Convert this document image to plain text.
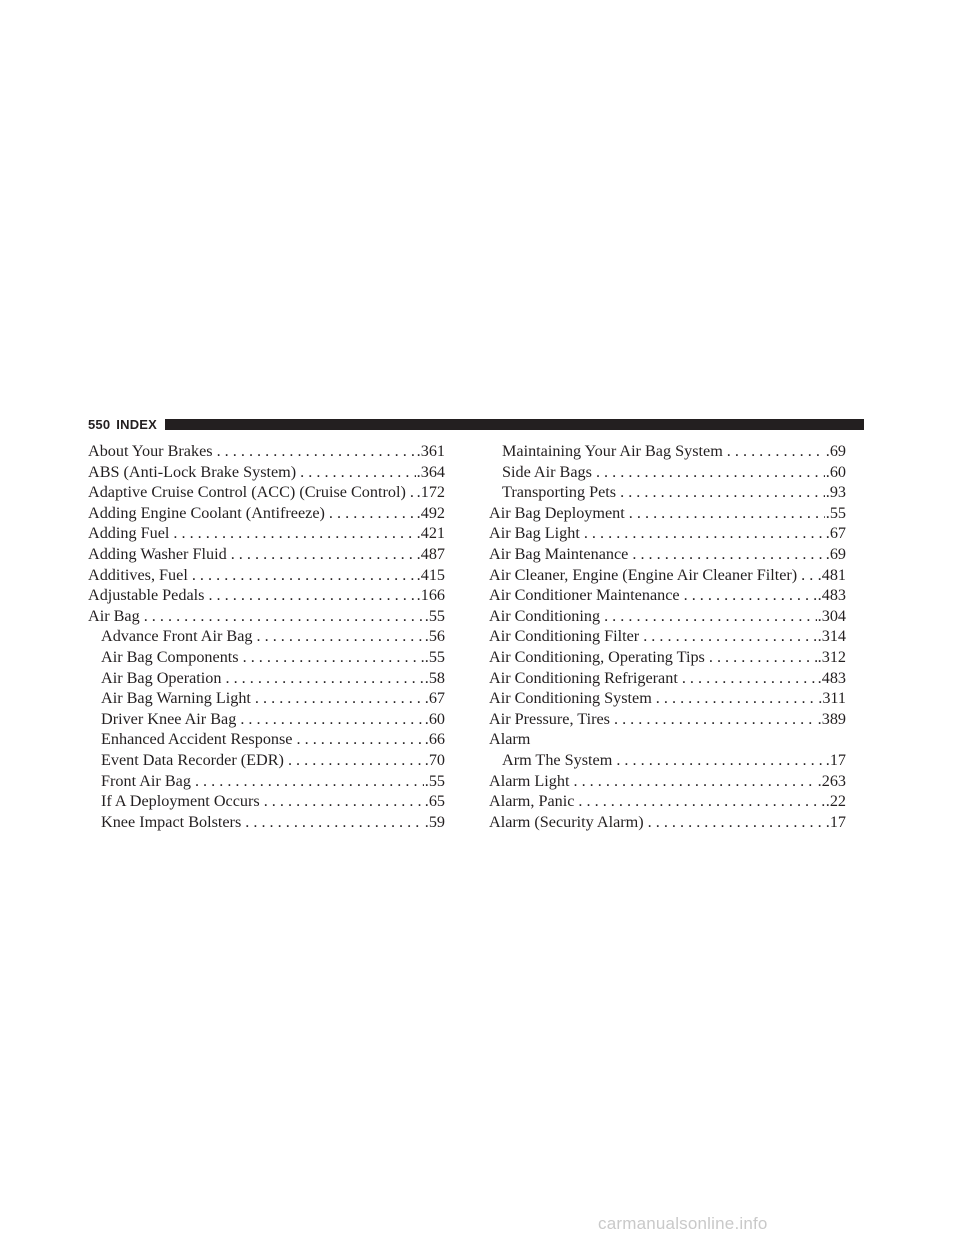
550 INDEX
About Your Brakes . . .	.361
ABS (Anti-Lock Brake System) . . .	.364
Adaptive Cruise Control (ACC) (Cruise Control) . . . .172
Adding Engine Coolant (Antifreeze) . . .	.492
Adding Fuel . . .	.421
Adding Washer Fluid . . .	.487
Additives, Fuel . . .	.415
Adjustable Pedals . . .	.166
Air Bag . . .	.55
Advance Front Air Bag . . .	.56
Air Bag Components . . .	.55
Air Bag Operation . . .	.58
Air Bag Warning Light . . .	.67
Driver Knee Air Bag . . .	.60
Enhanced Accident Response . . .	.66
Event Data Recorder (EDR) . . .	.70
Front Air Bag . . .	.55
If A Deployment Occurs . . .	.65
Knee Impact Bolsters . . .	.59
Maintaining Your Air Bag System . . .	.69
Side Air Bags . . .	.60
Transporting Pets . . .	.93
Air Bag Deployment . . .	.55
Air Bag Light . . .	.67
Air Bag Maintenance . . .	.69
Air Cleaner, Engine (Engine Air Cleaner Filter) . . . .481
Air Conditioner Maintenance . . .	.483
Air Conditioning . . .	.304
Air Conditioning Filter . . .	.314
Air Conditioning, Operating Tips . . .	.312
Air Conditioning Refrigerant . . .	.483
Air Conditioning System . . .	.311
Air Pressure, Tires . . .	.389
Alarm
Arm The System . . .	.17
Alarm Light . . .	.263
Alarm, Panic . . .	.22
Alarm (Security Alarm) . . .	.17
carmanualsonline.info
